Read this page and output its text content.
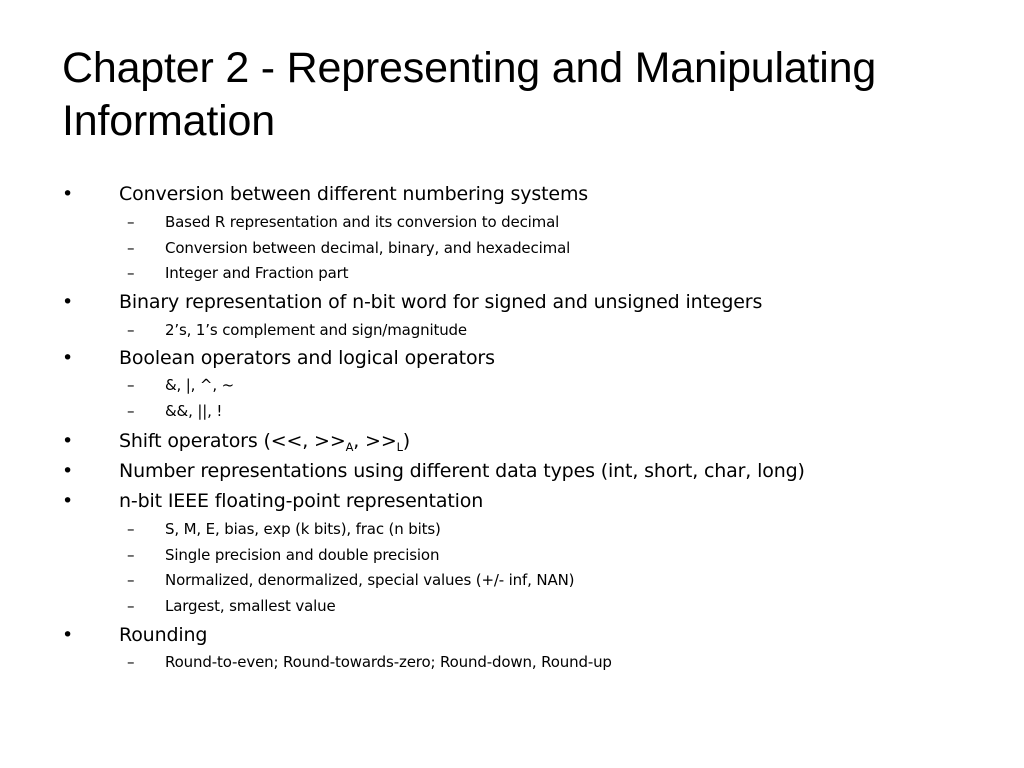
Chapter 2 - Representing and Manipulating
Information
• Conversion between different numbering systems
– Based R representation and its conversion to decimal
– Conversion between decimal, binary, and hexadecimal
– Integer and Fraction part
• Binary representation of n-bit word for signed and unsigned integers
– 2’s, 1’s complement and sign/magnitude
• Boolean operators and logical operators
– &, |, ^, ~
– &&, ||, !
• Shift operators (<<, $>>_A$, $>>_L$)
• Number representations using different data types (int, short, char, long)
• n-bit IEEE floating-point representation
– S, M, E, bias, exp (k bits), frac (n bits)
– Single precision and double precision
– Normalized, denormalized, special values (+/- inf, NAN)
– Largest, smallest value
• Rounding
– Round-to-even; Round-towards-zero; Round-down, Round-up
